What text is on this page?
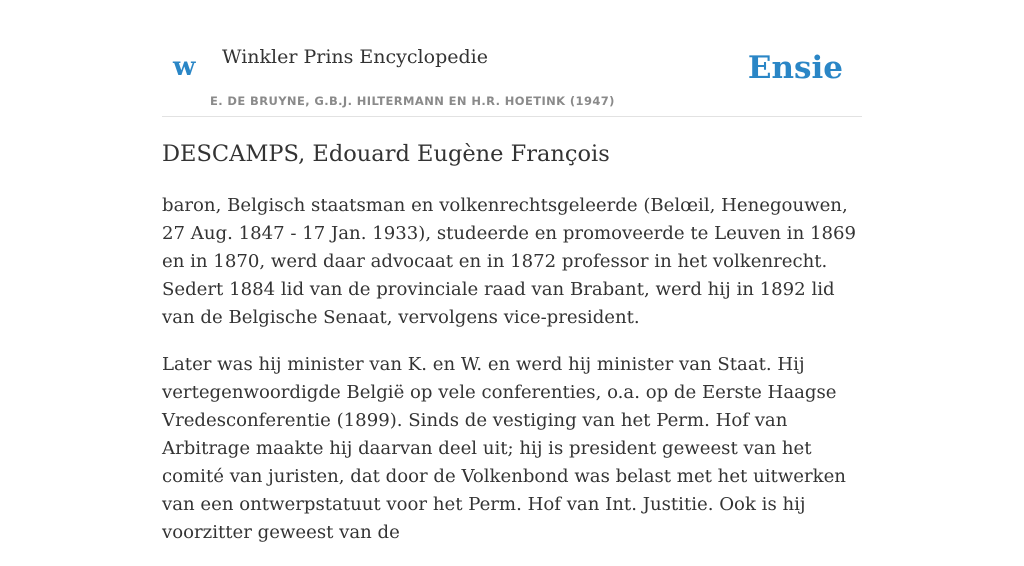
w Winkler Prins Encyclopedie
E. DE BRUYNE, G.B.J. HILTERMANN EN H.R. HOETINK (1947)
Ensie
DESCAMPS, Edouard Eugène François

baron, Belgisch staatsman en volkenrechtsgeleerde (Belœil, Henegouwen, 27 Aug. 1847 - 17 Jan. 1933), studeerde en promoveerde te Leuven in 1869 en in 1870, werd daar advocaat en in 1872 professor in het volkenrecht. Sedert 1884 lid van de provinciale raad van Brabant, werd hij in 1892 lid van de Belgische Senaat, vervolgens vice-president.

Later was hij minister van K. en W. en werd hij minister van Staat. Hij vertegenwoordigde België op vele conferenties, o.a. op de Eerste Haagse Vredesconferentie (1899). Sinds de vestiging van het Perm. Hof van Arbitrage maakte hij daarvan deel uit; hij is president geweest van het comité van juristen, dat door de Volkenbond was belast met het uitwerken van een ontwerpstatuut voor het Perm. Hof van Int. Justitie. Ook is hij voorzitter geweest van de
